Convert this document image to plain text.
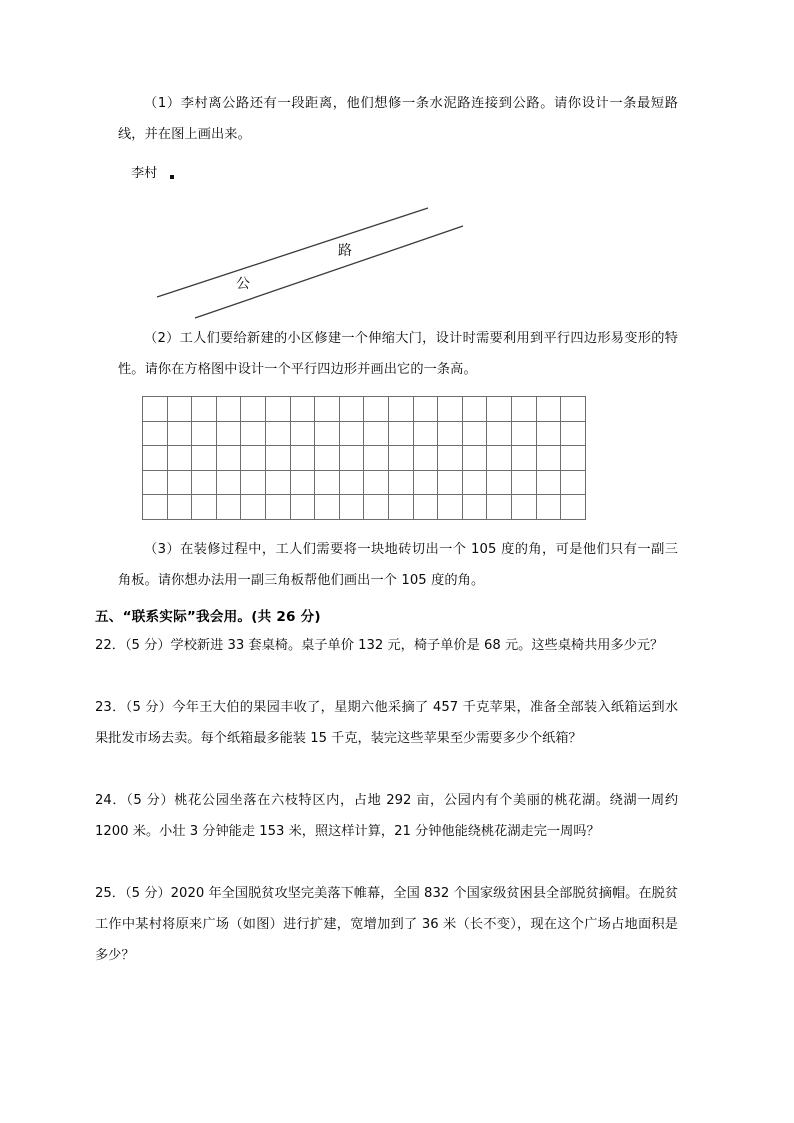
（1）李村离公路还有一段距离，他们想修一条水泥路连接到公路。请你设计一条最短路线，并在图上画出来。
李村
公
路
（2）工人们要给新建的小区修建一个伸缩大门，设计时需要利用到平行四边形易变形的特性。请你在方格图中设计一个平行四边形并画出它的一条高。

（3）在装修过程中，工人们需要将一块地砖切出一个 105 度的角，可是他们只有一副三角板。请你想办法用一副三角板帮他们画出一个 105 度的角。
五、“联系实际”我会用。(共 26 分)
22．（5 分）学校新进 33 套桌椅。桌子单价 132 元，椅子单价是 68 元。这些桌椅共用多少元？
23．（5 分）今年王大伯的果园丰收了，星期六他采摘了 457 千克苹果，准备全部装入纸箱运到水果批发市场去卖。每个纸箱最多能装 15 千克，装完这些苹果至少需要多少个纸箱？
24．（5 分）桃花公园坐落在六枝特区内，占地 292 亩，公园内有个美丽的桃花湖。绕湖一周约 1200 米。小壮 3 分钟能走 153 米，照这样计算，21 分钟他能绕桃花湖走完一周吗？
25．（5 分）2020 年全国脱贫攻坚完美落下帷幕，全国 832 个国家级贫困县全部脱贫摘帽。在脱贫工作中某村将原来广场（如图）进行扩建，宽增加到了 36 米（长不变），现在这个广场占地面积是多少？
